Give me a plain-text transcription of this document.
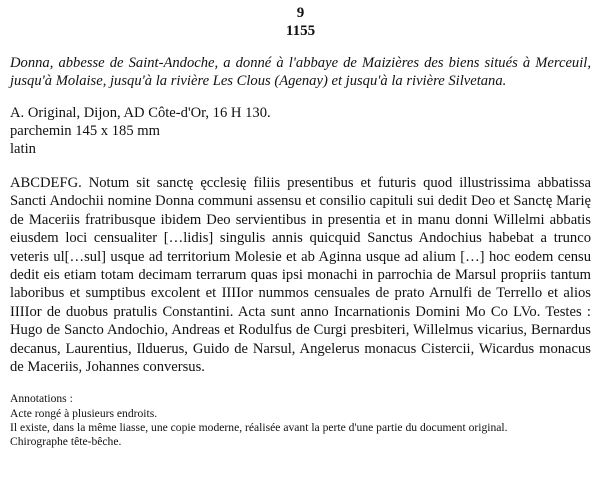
9
1155
Donna, abbesse de Saint-Andoche, a donné à l'abbaye de Maizières des biens situés à Merceuil, jusqu'à Molaise, jusqu'à la rivière Les Clous (Agenay) et jusqu'à la rivière Silvetana.
A. Original, Dijon, AD Côte-d'Or, 16 H 130.
parchemin 145 x 185 mm
latin
ABCDEFG. Notum sit sanctę ęcclesię filiis presentibus et futuris quod illustrissima abbatissa Sancti Andochii nomine Donna communi assensu et consilio capituli sui dedit Deo et Sanctę Marię de Maceriis fratribusque ibidem Deo servientibus in presentia et in manu donni Willelmi abbatis eiusdem loci censualiter […lidis] singulis annis quicquid Sanctus Andochius habebat a trunco veteris ul[…sul] usque ad territorium Molesie et ab Aginna usque ad alium […] hoc eodem censu dedit eis etiam totam decimam terrarum quas ipsi monachi in parrochia de Marsul propriis tantum laboribus et sumptibus excolent et IIIIor nummos censuales de prato Arnulfi de Terrello et alios IIIIor de duobus pratulis Constantini. Acta sunt anno Incarnationis Domini Mo Co LVo. Testes : Hugo de Sancto Andochio, Andreas et Rodulfus de Curgi presbiteri, Willelmus vicarius, Bernardus decanus, Laurentius, Ilduerus, Guido de Narsul, Angelerus monacus Cistercii, Wicardus monacus de Maceriis, Johannes conversus.
Annotations :
Acte rongé à plusieurs endroits.
Il existe, dans la même liasse, une copie moderne, réalisée avant la perte d'une partie du document original.
Chirographe tête-bêche.
